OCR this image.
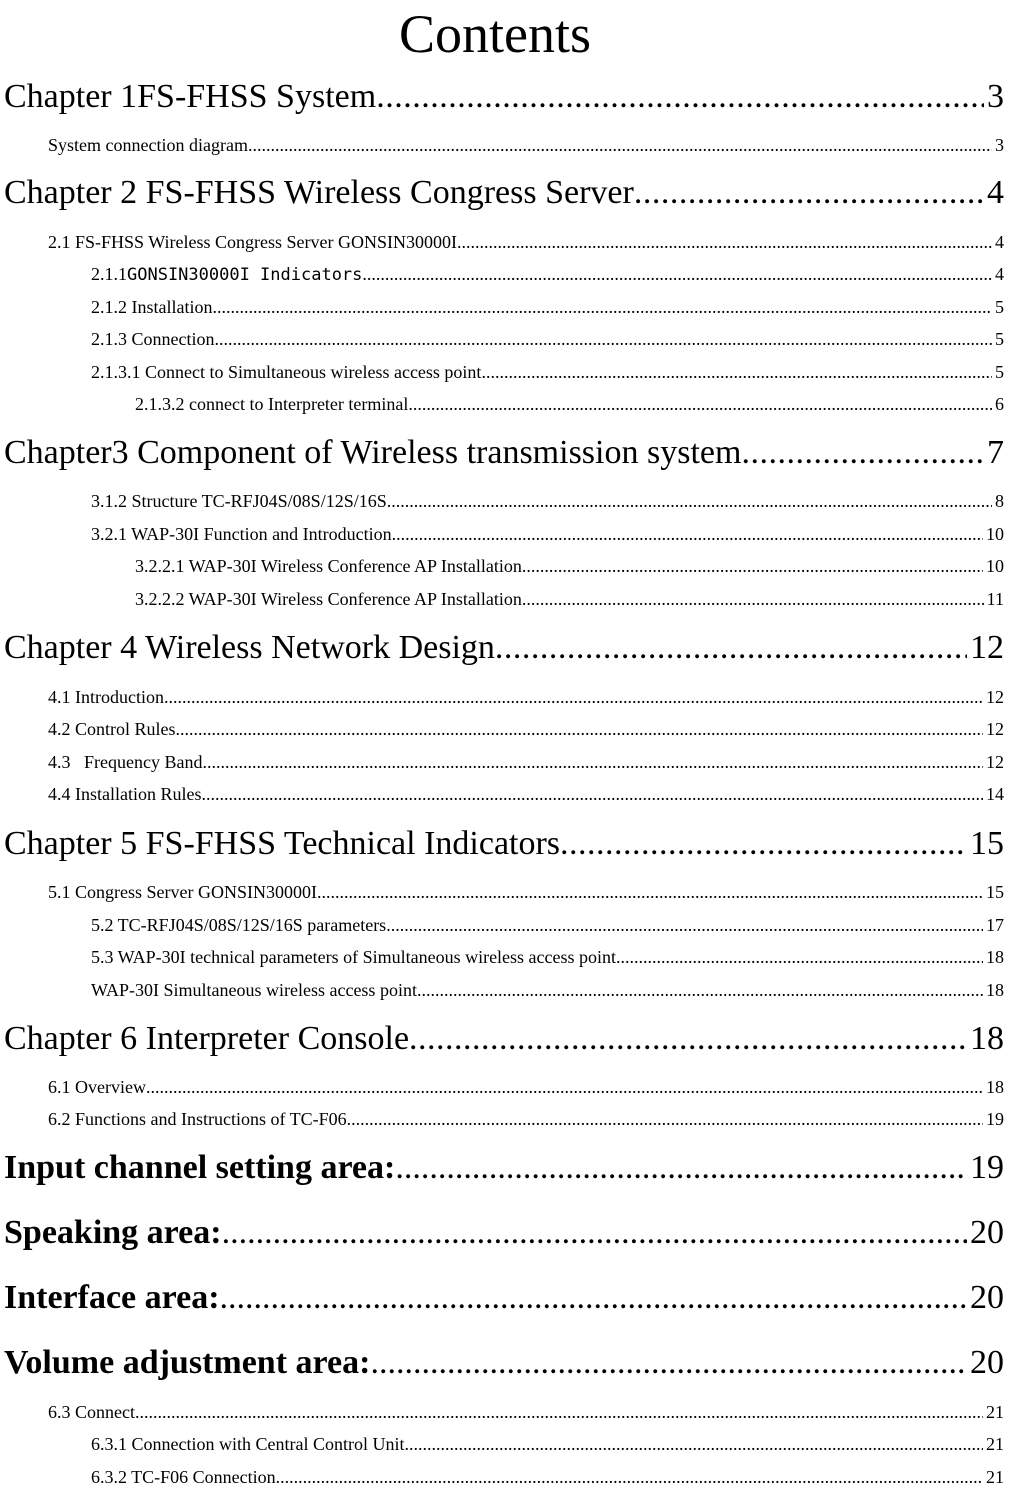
Contents
Chapter 1FS-FHSS System .....	3
System connection diagram .....	3
Chapter 2 FS-FHSS Wireless Congress Server .....	4
2.1 FS-FHSS Wireless Congress Server GONSIN30000I .....	4
2.1.1GONSIN30000I Indicators .....	4
2.1.2 Installation .....	5
2.1.3 Connection .....	5
2.1.3.1 Connect to Simultaneous wireless access point .....	5
2.1.3.2 connect to Interpreter terminal .....	6
Chapter3 Component of Wireless transmission system .....	7
3.1.2 Structure TC-RFJ04S/08S/12S/16S .....	8
3.2.1 WAP-30I Function and Introduction .....	10
3.2.2.1 WAP-30I Wireless Conference AP Installation .....	10
3.2.2.2 WAP-30I Wireless Conference AP Installation .....	11
Chapter 4 Wireless Network Design .....	12
4.1 Introduction .....	12
4.2 Control Rules .....	12
4.3   Frequency Band .....	12
4.4 Installation Rules .....	14
Chapter 5 FS-FHSS Technical Indicators .....	15
5.1 Congress Server GONSIN30000I .....	15
5.2 TC-RFJ04S/08S/12S/16S parameters .....	17
5.3 WAP-30I technical parameters of Simultaneous wireless access point .....	18
WAP-30I Simultaneous wireless access point .....	18
Chapter 6 Interpreter Console .....	18
6.1 Overview .....	18
6.2 Functions and Instructions of TC-F06 .....	19
Input channel setting area: .....	19
Speaking area: .....	20
Interface area: .....	20
Volume adjustment area: .....	20
6.3 Connect .....	21
6.3.1 Connection with Central Control Unit .....	21
6.3.2 TC-F06 Connection .....	21
